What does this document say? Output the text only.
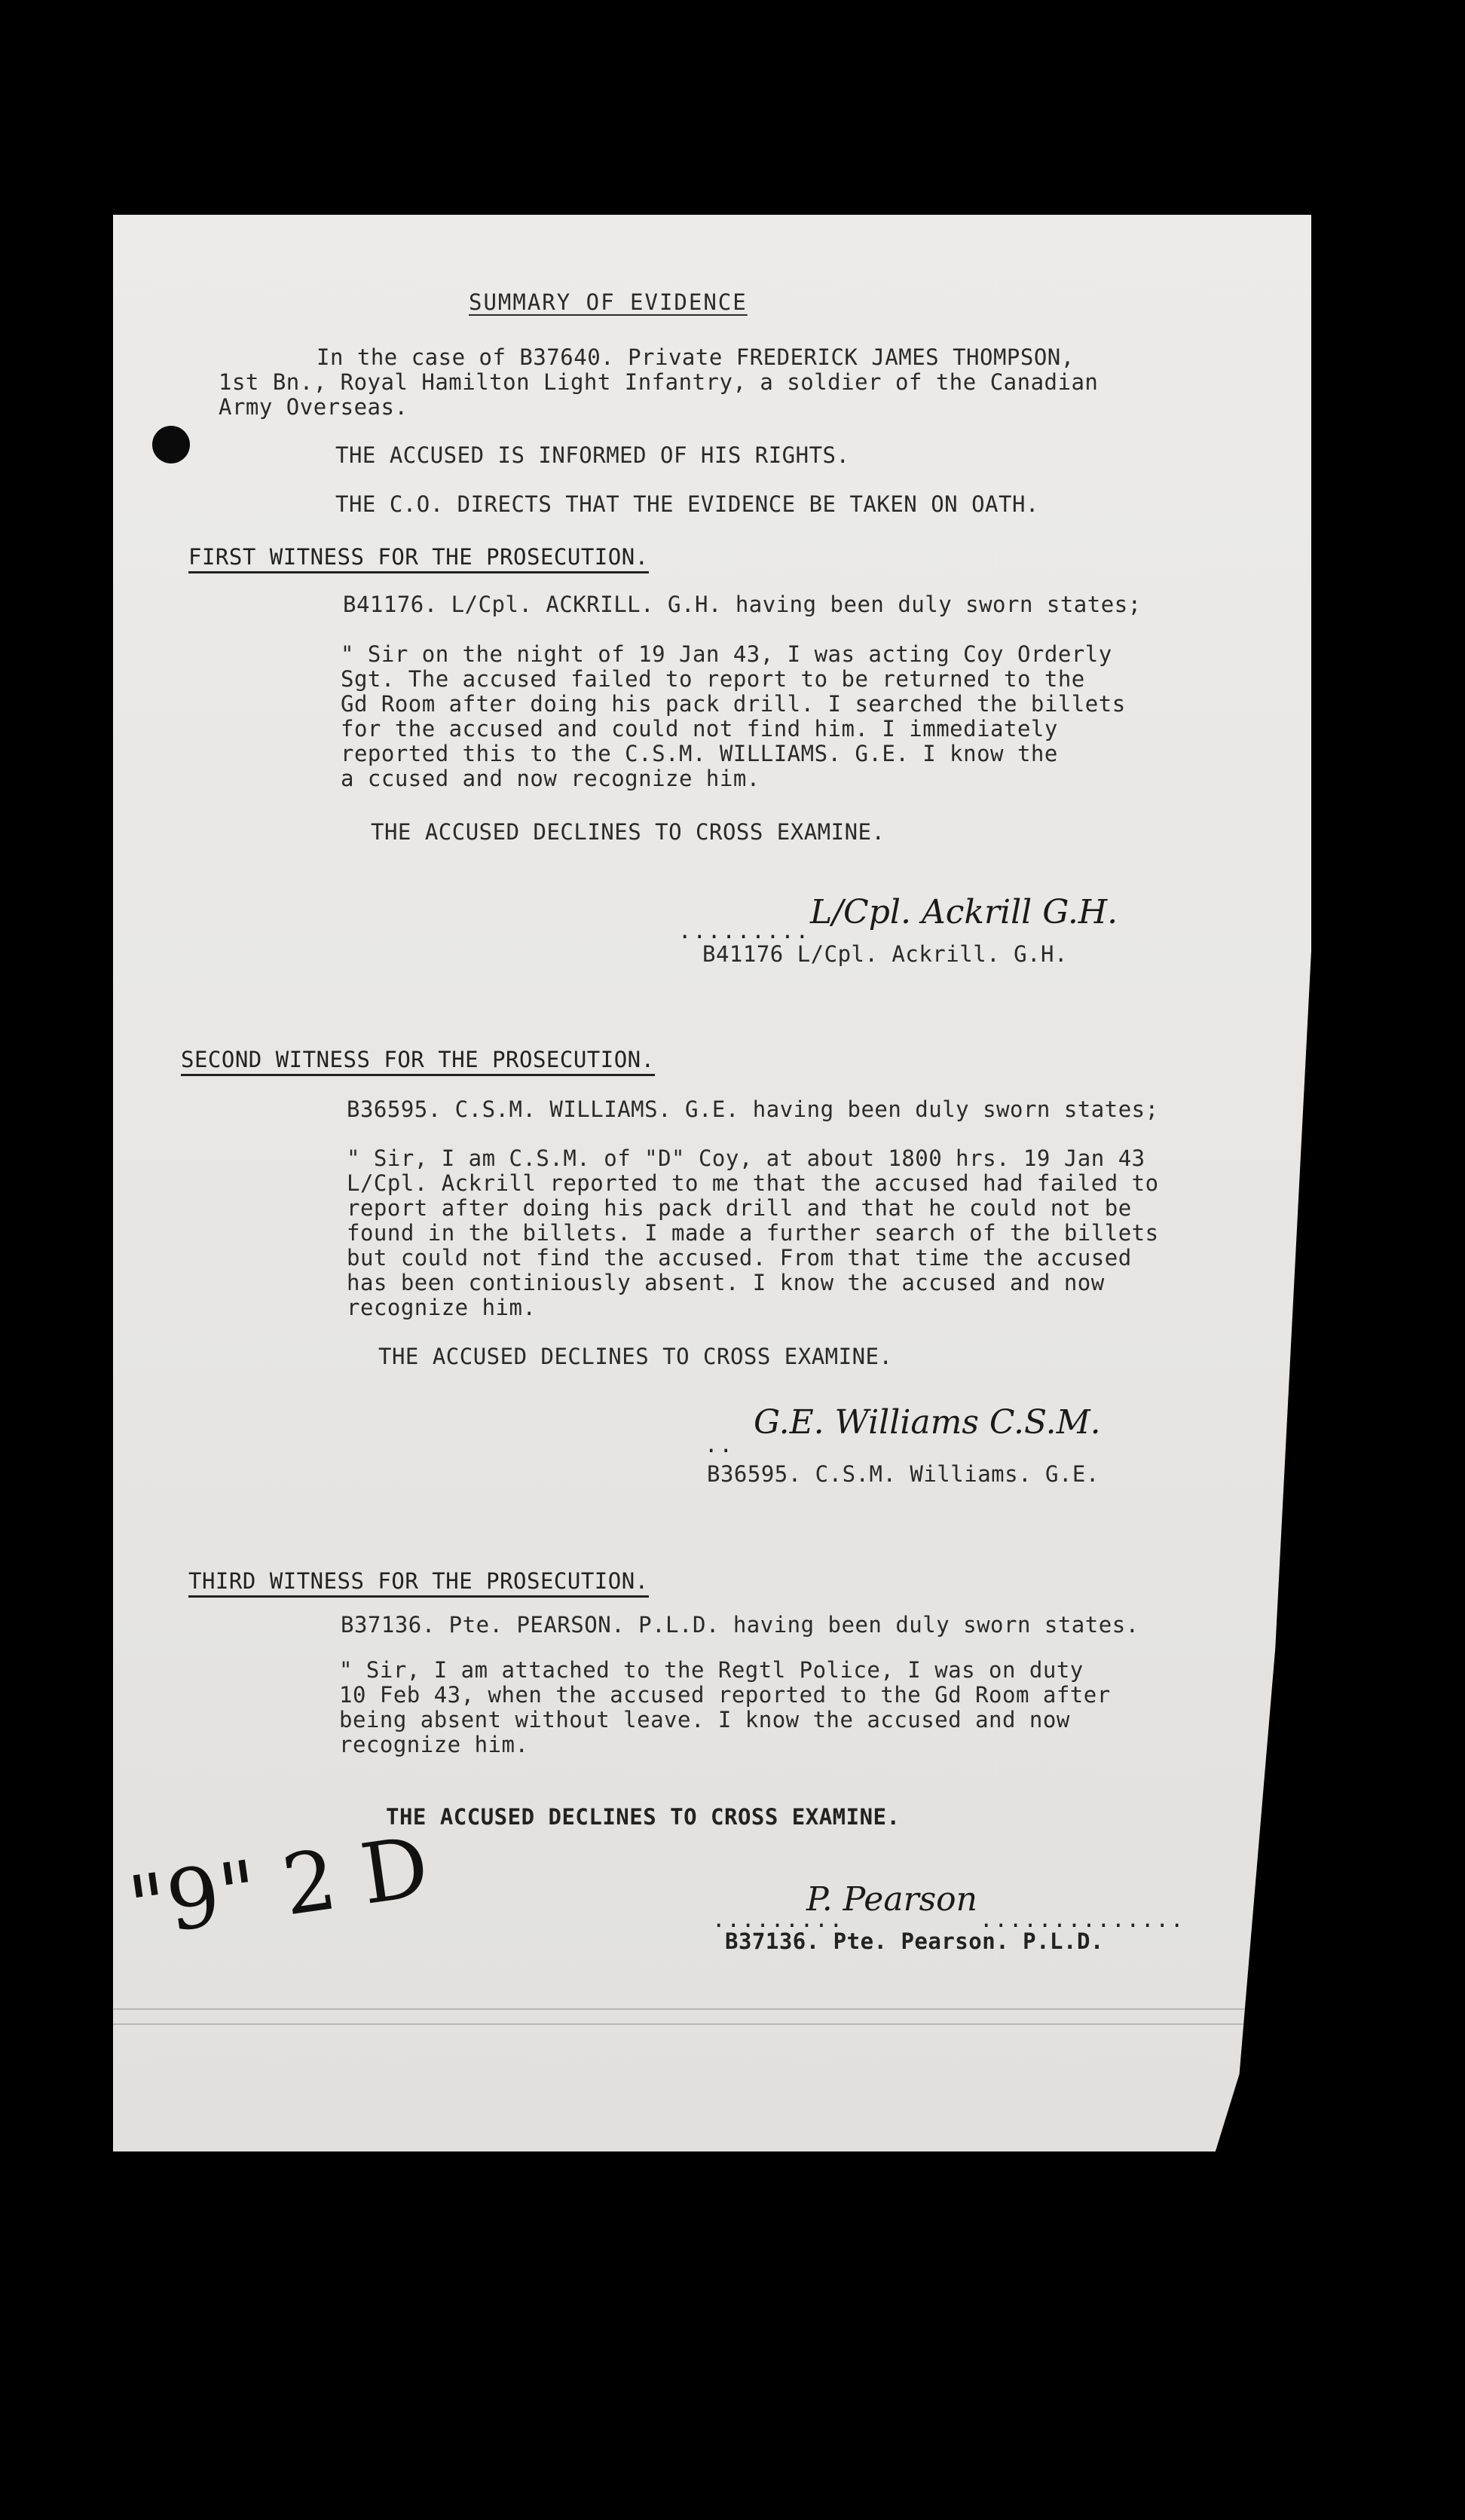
SUMMARY OF EVIDENCE

In the case of B37640. Private FREDERICK JAMES THOMPSON,
1st Bn., Royal Hamilton Light Infantry, a soldier of the Canadian
Army Overseas.

THE ACCUSED IS INFORMED OF HIS RIGHTS.

THE C.O. DIRECTS THAT THE EVIDENCE BE TAKEN ON OATH.

FIRST WITNESS FOR THE PROSECUTION.

B41176. L/Cpl. ACKRILL. G.H. having been duly sworn states;

" Sir on the night of 19 Jan 43, I was acting Coy Orderly
Sgt. The accused failed to report to be returned to the
Gd Room after doing his pack drill. I searched the billets
for the accused and could not find him. I immediately
reported this to the C.S.M. WILLIAMS. G.E. I know the
a ccused and now recognize him.

THE ACCUSED DECLINES TO CROSS EXAMINE.

......... L/Cpl. Ackrill G.H.

B41176 L/Cpl. Ackrill. G.H.

SECOND WITNESS FOR THE PROSECUTION.

B36595. C.S.M. WILLIAMS. G.E. having been duly sworn states;

" Sir, I am C.S.M. of "D" Coy, at about 1800 hrs. 19 Jan 43
L/Cpl. Ackrill reported to me that the accused had failed to
report after doing his pack drill and that he could not be
found in the billets. I made a further search of the billets
but could not find the accused. From that time the accused
has been continiously absent. I know the accused and now
recognize him.

THE ACCUSED DECLINES TO CROSS EXAMINE.

..
G.E. Williams C.S.M.

B36595. C.S.M. Williams. G.E.

THIRD WITNESS FOR THE PROSECUTION.

B37136. Pte. PEARSON. P.L.D. having been duly sworn states.

" Sir, I am attached to the Regtl Police, I was on duty
10 Feb 43, when the accused reported to the Gd Room after
being absent without leave. I know the accused and now
recognize him.

THE ACCUSED DECLINES TO CROSS EXAMINE.

.........
P. Pearson
..............

B37136. Pte. Pearson. P.L.D.

"9" 2 D
